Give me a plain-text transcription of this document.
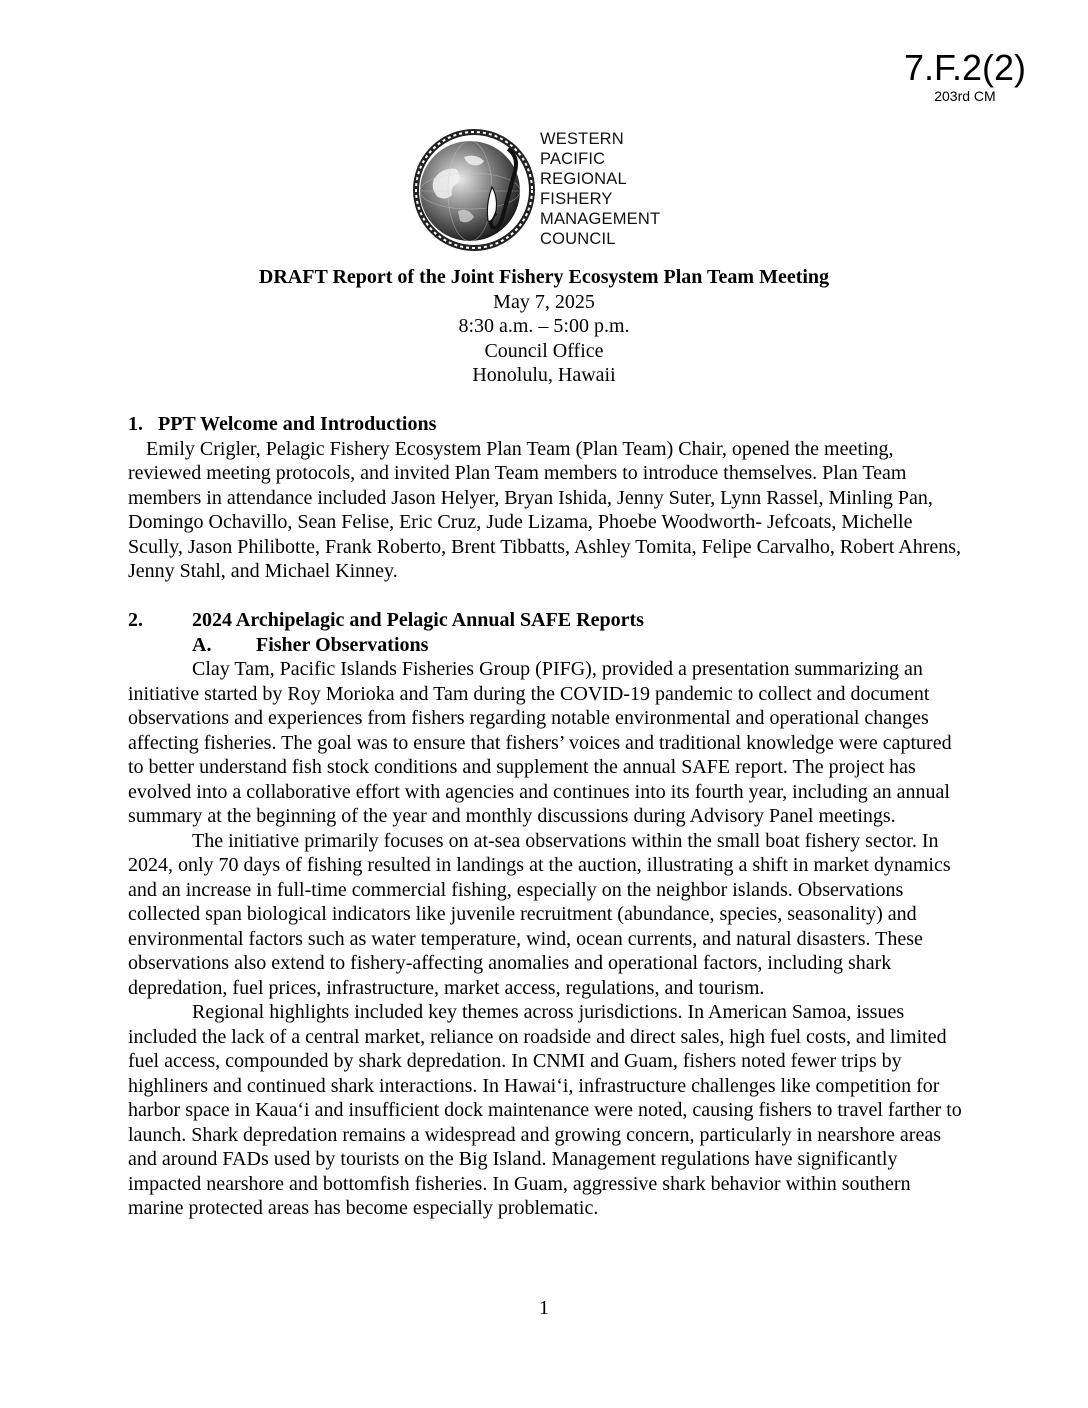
7.F.2(2)
203rd CM
WESTERN
PACIFIC
REGIONAL
FISHERY
MANAGEMENT
COUNCIL
DRAFT Report of the Joint Fishery Ecosystem Plan Team Meeting
May 7, 2025
8:30 a.m. – 5:00 p.m.
Council Office
Honolulu, Hawaii
1.   PPT Welcome and Introductions

Emily Crigler, Pelagic Fishery Ecosystem Plan Team (Plan Team) Chair, opened the meeting, reviewed meeting protocols, and invited Plan Team members to introduce themselves. Plan Team members in attendance included Jason Helyer, Bryan Ishida, Jenny Suter, Lynn Rassel, Minling Pan, Domingo Ochavillo, Sean Felise, Eric Cruz, Jude Lizama, Phoebe Woodworth- Jefcoats, Michelle Scully, Jason Philibotte, Frank Roberto, Brent Tibbatts, Ashley Tomita, Felipe Carvalho, Robert Ahrens, Jenny Stahl, and Michael Kinney.

2.	2024 Archipelagic and Pelagic Annual SAFE Reports
A.	Fisher Observations

Clay Tam, Pacific Islands Fisheries Group (PIFG), provided a presentation summarizing an initiative started by Roy Morioka and Tam during the COVID-19 pandemic to collect and document observations and experiences from fishers regarding notable environmental and operational changes affecting fisheries. The goal was to ensure that fishers’ voices and traditional knowledge were captured to better understand fish stock conditions and supplement the annual SAFE report. The project has evolved into a collaborative effort with agencies and continues into its fourth year, including an annual summary at the beginning of the year and monthly discussions during Advisory Panel meetings.

The initiative primarily focuses on at-sea observations within the small boat fishery sector. In 2024, only 70 days of fishing resulted in landings at the auction, illustrating a shift in market dynamics and an increase in full-time commercial fishing, especially on the neighbor islands. Observations collected span biological indicators like juvenile recruitment (abundance, species, seasonality) and environmental factors such as water temperature, wind, ocean currents, and natural disasters. These observations also extend to fishery-affecting anomalies and operational factors, including shark depredation, fuel prices, infrastructure, market access, regulations, and tourism.

Regional highlights included key themes across jurisdictions. In American Samoa, issues included the lack of a central market, reliance on roadside and direct sales, high fuel costs, and limited fuel access, compounded by shark depredation. In CNMI and Guam, fishers noted fewer trips by highliners and continued shark interactions. In Hawai‘i, infrastructure challenges like competition for harbor space in Kaua‘i and insufficient dock maintenance were noted, causing fishers to travel farther to launch. Shark depredation remains a widespread and growing concern, particularly in nearshore areas and around FADs used by tourists on the Big Island. Management regulations have significantly impacted nearshore and bottomfish fisheries. In Guam, aggressive shark behavior within southern marine protected areas has become especially problematic.

1
